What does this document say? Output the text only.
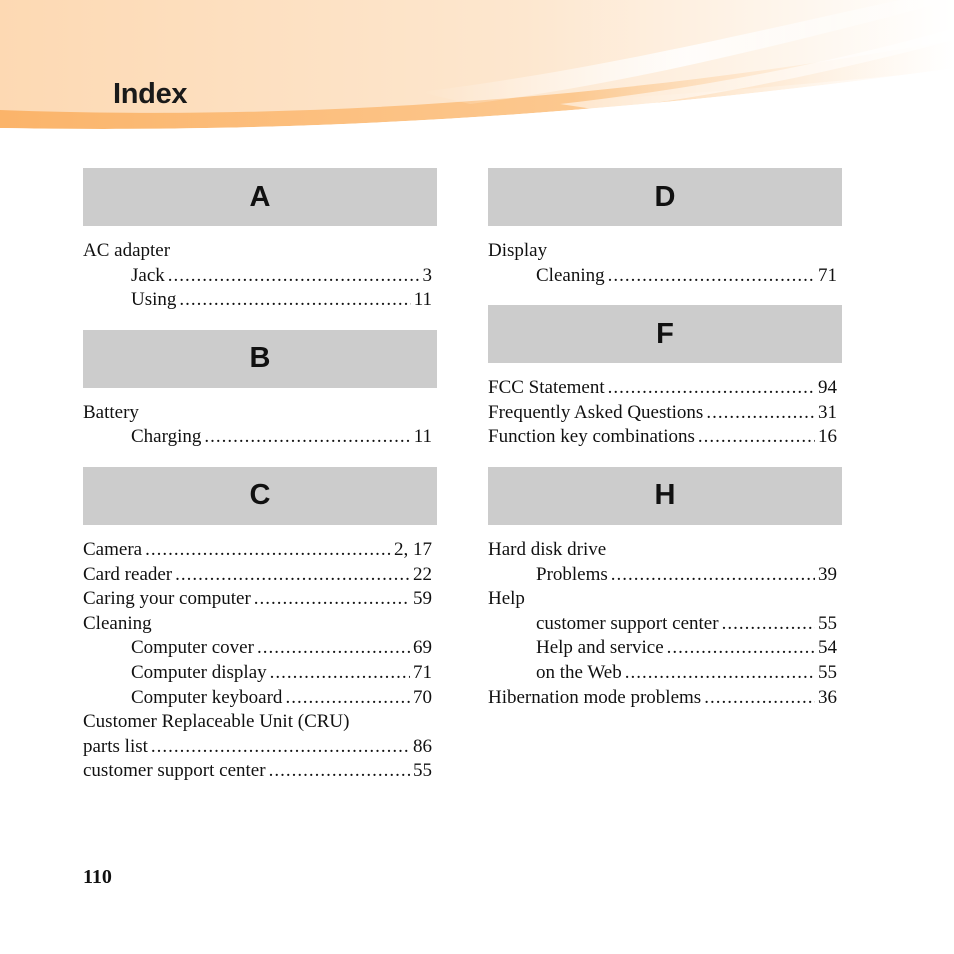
Index
A
AC adapter
Jack .....	3
Using .....	11
B
Battery
Charging .....	11
C
Camera .....	2, 17
Card reader .....	22
Caring your computer .....	59
Cleaning
Computer cover .....	69
Computer display .....	71
Computer keyboard .....	70
Customer Replaceable Unit (CRU)
parts list .....	86
customer support center .....	55
D
Display
Cleaning .....	71
F
FCC Statement .....	94
Frequently Asked Questions .....	31
Function key combinations .....	16
H
Hard disk drive
Problems .....	39
Help
customer support center .....	55
Help and service .....	54
on the Web .....	55
Hibernation mode problems .....	36

110
